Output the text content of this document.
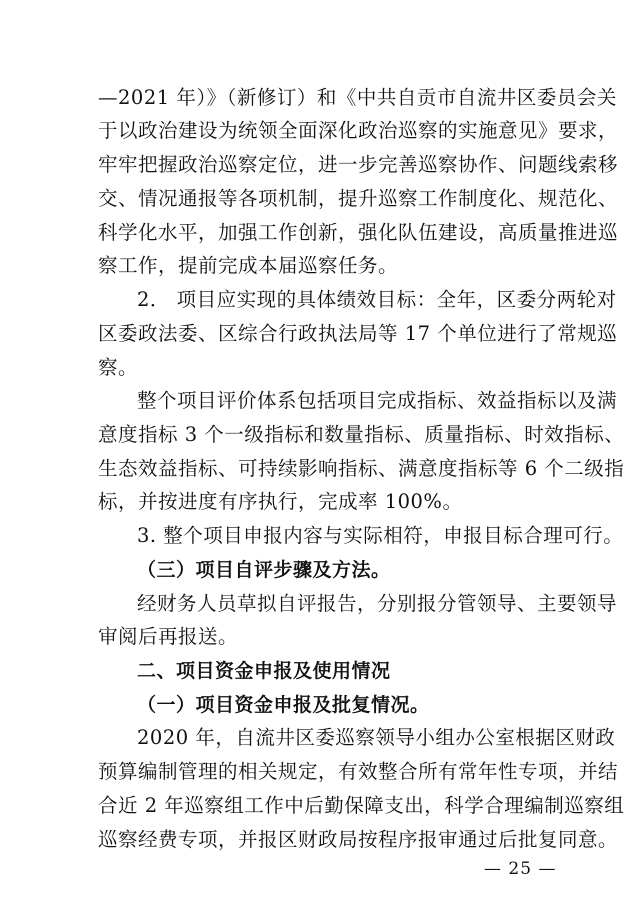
—2021 年）》（新修订）和《中共自贡市自流井区委员会关
于以政治建设为统领全面深化政治巡察的实施意见》要求，
牢牢把握政治巡察定位，进一步完善巡察协作、问题线索移
交、情况通报等各项机制，提升巡察工作制度化、规范化、
科学化水平，加强工作创新，强化队伍建设，高质量推进巡
察工作，提前完成本届巡察任务。
2． 项目应实现的具体绩效目标：全年，区委分两轮对
区委政法委、区综合行政执法局等 17 个单位进行了常规巡
察。
整个项目评价体系包括项目完成指标、效益指标以及满
意度指标 3 个一级指标和数量指标、质量指标、时效指标、
生态效益指标、可持续影响指标、满意度指标等 6 个二级指
标，并按进度有序执行，完成率 100%。
3. 整个项目申报内容与实际相符，申报目标合理可行。
（三）项目自评步骤及方法。
经财务人员草拟自评报告，分别报分管领导、主要领导
审阅后再报送。
二、项目资金申报及使用情况
（一）项目资金申报及批复情况。
2020 年，自流井区委巡察领导小组办公室根据区财政
预算编制管理的相关规定，有效整合所有常年性专项，并结
合近 2 年巡察组工作中后勤保障支出，科学合理编制巡察组
巡察经费专项，并报区财政局按程序报审通过后批复同意。
— 25 —
